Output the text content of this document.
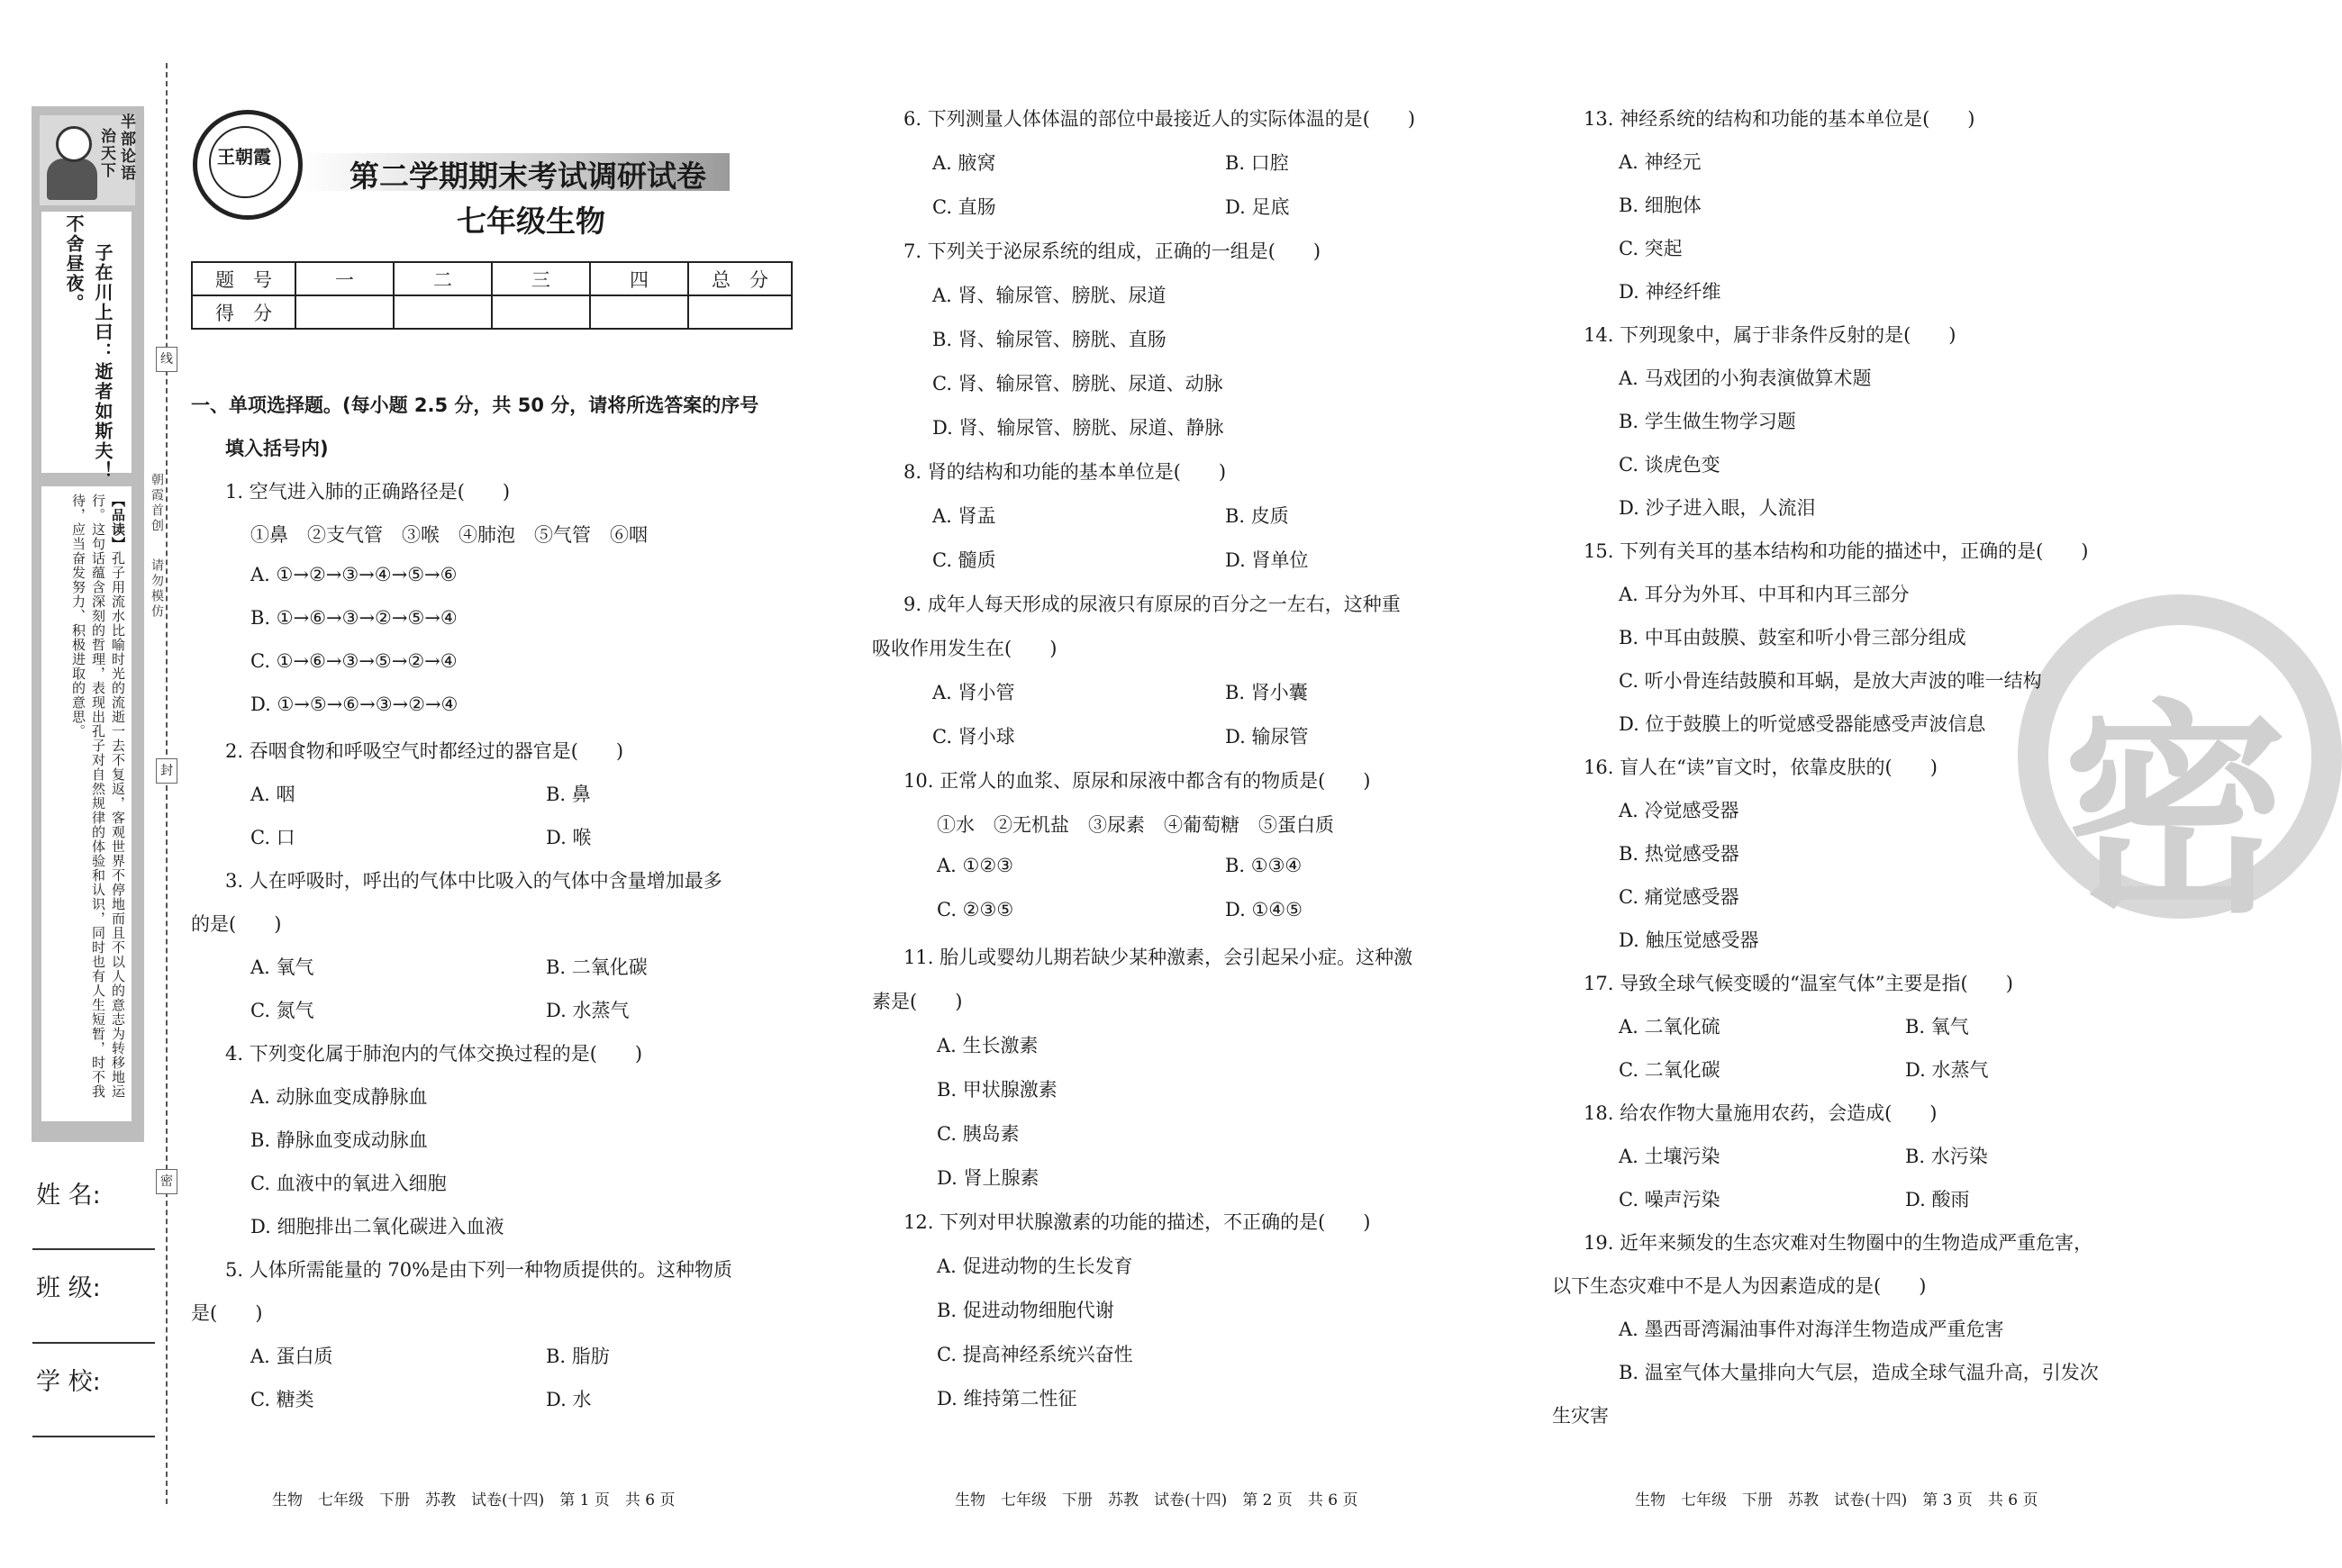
半部论语
治天下
子在川上曰：逝者如斯夫！
不舍昼夜。
【品读】孔子用流水比喻时光的流逝一去不复返，客观世界不停地而且不以人的意志为转移地运行。这句话蕴含深刻的哲理，表现出孔子对自然规律的体验和认识，同时也有人生短暂，时不我待，应当奋发努力、积极进取的意思。
姓 名:
班 级:
学 校:
线
封
密
朝霞首创
请勿模仿
王朝霞
第二学期期末考试调研试卷
七年级生物
题　号	一	二	三	四	总　分
得　分					
一、单项选择题。(每小题 2.5 分，共 50 分，请将所选答案的序号
填入括号内)
1. 空气进入肺的正确路径是(　　)
①鼻　②支气管　③喉　④肺泡　⑤气管　⑥咽
A. ①→②→③→④→⑤→⑥
B. ①→⑥→③→②→⑤→④
C. ①→⑥→③→⑤→②→④
D. ①→⑤→⑥→③→②→④
2. 吞咽食物和呼吸空气时都经过的器官是(　　)
A. 咽	B. 鼻
C. 口	D. 喉
3. 人在呼吸时，呼出的气体中比吸入的气体中含量增加最多
的是(　　)
A. 氧气	B. 二氧化碳
C. 氮气	D. 水蒸气
4. 下列变化属于肺泡内的气体交换过程的是(　　)
A. 动脉血变成静脉血
B. 静脉血变成动脉血
C. 血液中的氧进入细胞
D. 细胞排出二氧化碳进入血液
5. 人体所需能量的 70%是由下列一种物质提供的。这种物质
是(　　)
A. 蛋白质	B. 脂肪
C. 糖类	D. 水
6. 下列测量人体体温的部位中最接近人的实际体温的是(　　)
A. 腋窝	B. 口腔
C. 直肠	D. 足底
7. 下列关于泌尿系统的组成，正确的一组是(　　)
A. 肾、输尿管、膀胱、尿道
B. 肾、输尿管、膀胱、直肠
C. 肾、输尿管、膀胱、尿道、动脉
D. 肾、输尿管、膀胱、尿道、静脉
8. 肾的结构和功能的基本单位是(　　)
A. 肾盂	B. 皮质
C. 髓质	D. 肾单位
9. 成年人每天形成的尿液只有原尿的百分之一左右，这种重
吸收作用发生在(　　)
A. 肾小管	B. 肾小囊
C. 肾小球	D. 输尿管
10. 正常人的血浆、原尿和尿液中都含有的物质是(　　)
①水　②无机盐　③尿素　④葡萄糖　⑤蛋白质
A. ①②③	B. ①③④
C. ②③⑤	D. ①④⑤
11. 胎儿或婴幼儿期若缺少某种激素，会引起呆小症。这种激
素是(　　)
A. 生长激素
B. 甲状腺激素
C. 胰岛素
D. 肾上腺素
12. 下列对甲状腺激素的功能的描述，不正确的是(　　)
A. 促进动物的生长发育
B. 促进动物细胞代谢
C. 提高神经系统兴奋性
D. 维持第二性征
密
13. 神经系统的结构和功能的基本单位是(　　)
A. 神经元
B. 细胞体
C. 突起
D. 神经纤维
14. 下列现象中，属于非条件反射的是(　　)
A. 马戏团的小狗表演做算术题
B. 学生做生物学习题
C. 谈虎色变
D. 沙子进入眼，人流泪
15. 下列有关耳的基本结构和功能的描述中，正确的是(　　)
A. 耳分为外耳、中耳和内耳三部分
B. 中耳由鼓膜、鼓室和听小骨三部分组成
C. 听小骨连结鼓膜和耳蜗，是放大声波的唯一结构
D. 位于鼓膜上的听觉感受器能感受声波信息
16. 盲人在“读”盲文时，依靠皮肤的(　　)
A. 冷觉感受器
B. 热觉感受器
C. 痛觉感受器
D. 触压觉感受器
17. 导致全球气候变暖的“温室气体”主要是指(　　)
A. 二氧化硫	B. 氧气
C. 二氧化碳	D. 水蒸气
18. 给农作物大量施用农药，会造成(　　)
A. 土壤污染	B. 水污染
C. 噪声污染	D. 酸雨
19. 近年来频发的生态灾难对生物圈中的生物造成严重危害，
以下生态灾难中不是人为因素造成的是(　　)
A. 墨西哥湾漏油事件对海洋生物造成严重危害
B. 温室气体大量排向大气层，造成全球气温升高，引发次
生灾害
生物　七年级　下册　苏教　试卷(十四)　第 1 页　共 6 页	生物　七年级　下册　苏教　试卷(十四)　第 2 页　共 6 页	生物　七年级　下册　苏教　试卷(十四)　第 3 页　共 6 页
